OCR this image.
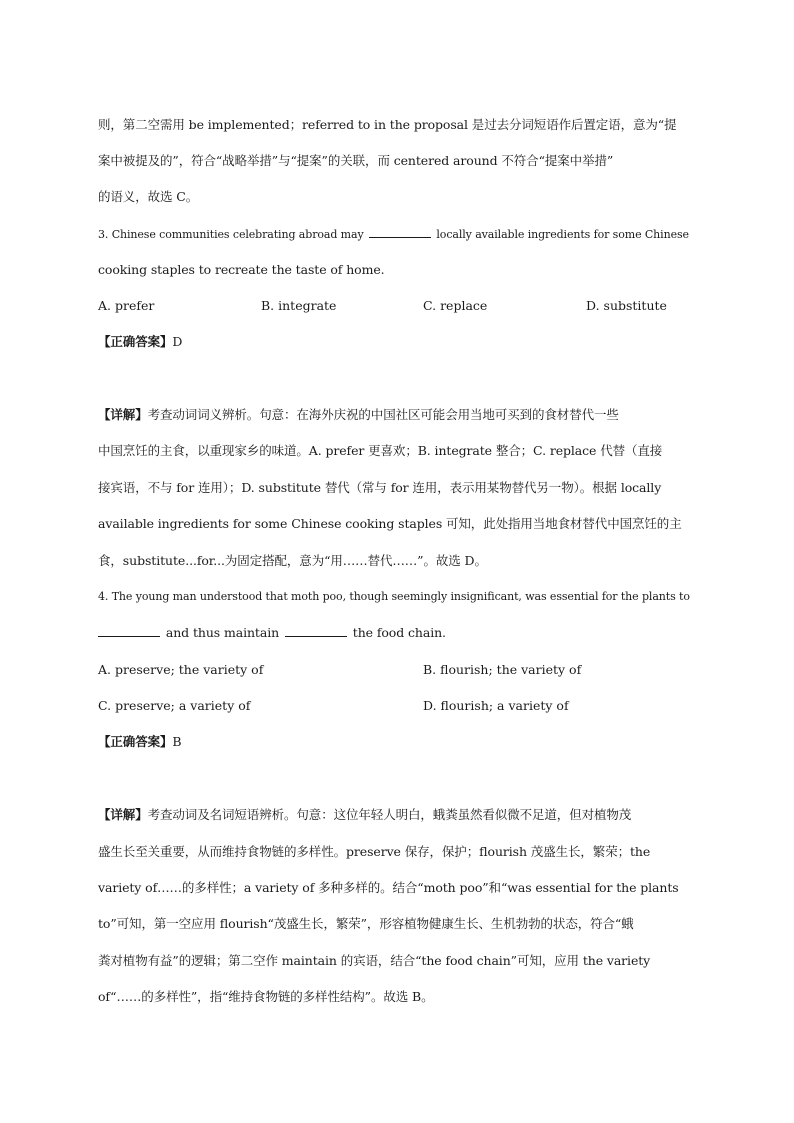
则，第二空需用 be implemented；referred to in the proposal 是过去分词短语作后置定语，意为“提
案中被提及的”，符合“战略举措”与“提案”的关联，而 centered around 不符合“提案中举措”
的语义，故选 C。
3. Chinese communities celebrating abroad may	locally available ingredients for some Chinese
cooking staples to recreate the taste of home.
A. prefer	B. integrate	C. replace	D. substitute
【正确答案】D
【详解】考查动词词义辨析。句意：在海外庆祝的中国社区可能会用当地可买到的食材替代一些
中国烹饪的主食，以重现家乡的味道。A. prefer 更喜欢；B. integrate 整合；C. replace 代替（直接
接宾语，不与 for 连用）；D. substitute 替代（常与 for 连用，表示用某物替代另一物）。根据 locally
available ingredients for some Chinese cooking staples 可知，此处指用当地食材替代中国烹饪的主
食，substitute...for...为固定搭配，意为“用……替代……”。故选 D。
4. The young man understood that moth poo, though seemingly insignificant, was essential for the plants to
and thus maintain	the food chain.
A. preserve; the variety of	B. flourish; the variety of
C. preserve; a variety of	D. flourish; a variety of
【正确答案】B
【详解】考查动词及名词短语辨析。句意：这位年轻人明白，蛾粪虽然看似微不足道，但对植物茂
盛生长至关重要，从而维持食物链的多样性。preserve 保存，保护；flourish 茂盛生长，繁荣；the
variety of……的多样性；a variety of 多种多样的。结合“moth poo”和“was essential for the plants
to”可知，第一空应用 flourish“茂盛生长，繁荣”，形容植物健康生长、生机勃勃的状态，符合“蛾
粪对植物有益”的逻辑；第二空作 maintain 的宾语，结合“the food chain”可知，应用 the variety
of“……的多样性”，指“维持食物链的多样性结构”。故选 B。
